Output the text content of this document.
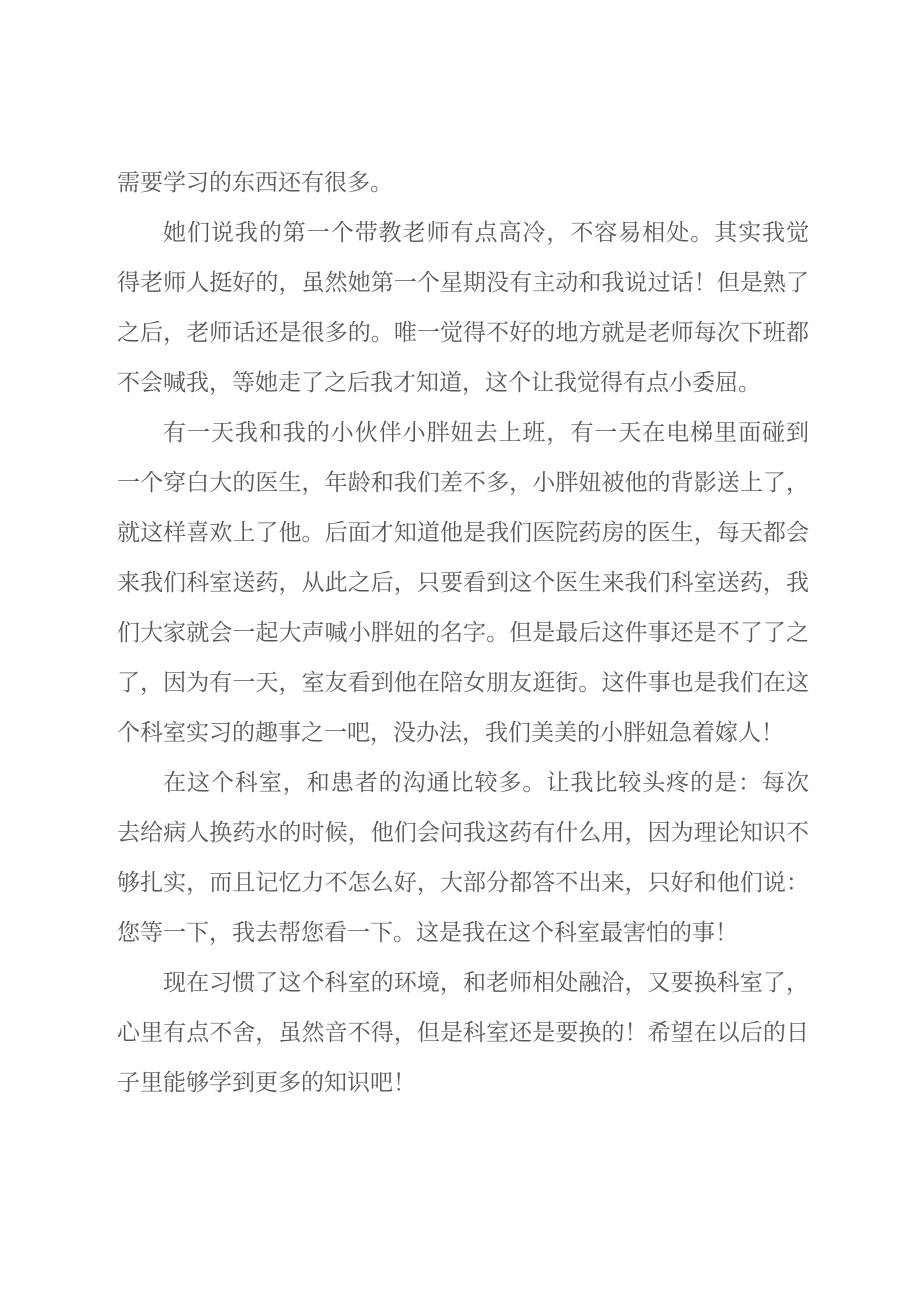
需要学习的东西还有很多。
她们说我的第一个带教老师有点高冷，不容易相处。其实我觉
得老师人挺好的，虽然她第一个星期没有主动和我说过话！但是熟了
之后，老师话还是很多的。唯一觉得不好的地方就是老师每次下班都
不会喊我，等她走了之后我才知道，这个让我觉得有点小委屈。
有一天我和我的小伙伴小胖妞去上班，有一天在电梯里面碰到
一个穿白大的医生，年龄和我们差不多，小胖妞被他的背影送上了，
就这样喜欢上了他。后面才知道他是我们医院药房的医生，每天都会
来我们科室送药，从此之后，只要看到这个医生来我们科室送药，我
们大家就会一起大声喊小胖妞的名字。但是最后这件事还是不了了之
了，因为有一天，室友看到他在陪女朋友逛街。这件事也是我们在这
个科室实习的趣事之一吧，没办法，我们美美的小胖妞急着嫁人！
在这个科室，和患者的沟通比较多。让我比较头疼的是：每次
去给病人换药水的时候，他们会问我这药有什么用，因为理论知识不
够扎实，而且记忆力不怎么好，大部分都答不出来，只好和他们说：
您等一下，我去帮您看一下。这是我在这个科室最害怕的事！
现在习惯了这个科室的环境，和老师相处融洽，又要换科室了，
心里有点不舍，虽然音不得，但是科室还是要换的！希望在以后的日
子里能够学到更多的知识吧！
